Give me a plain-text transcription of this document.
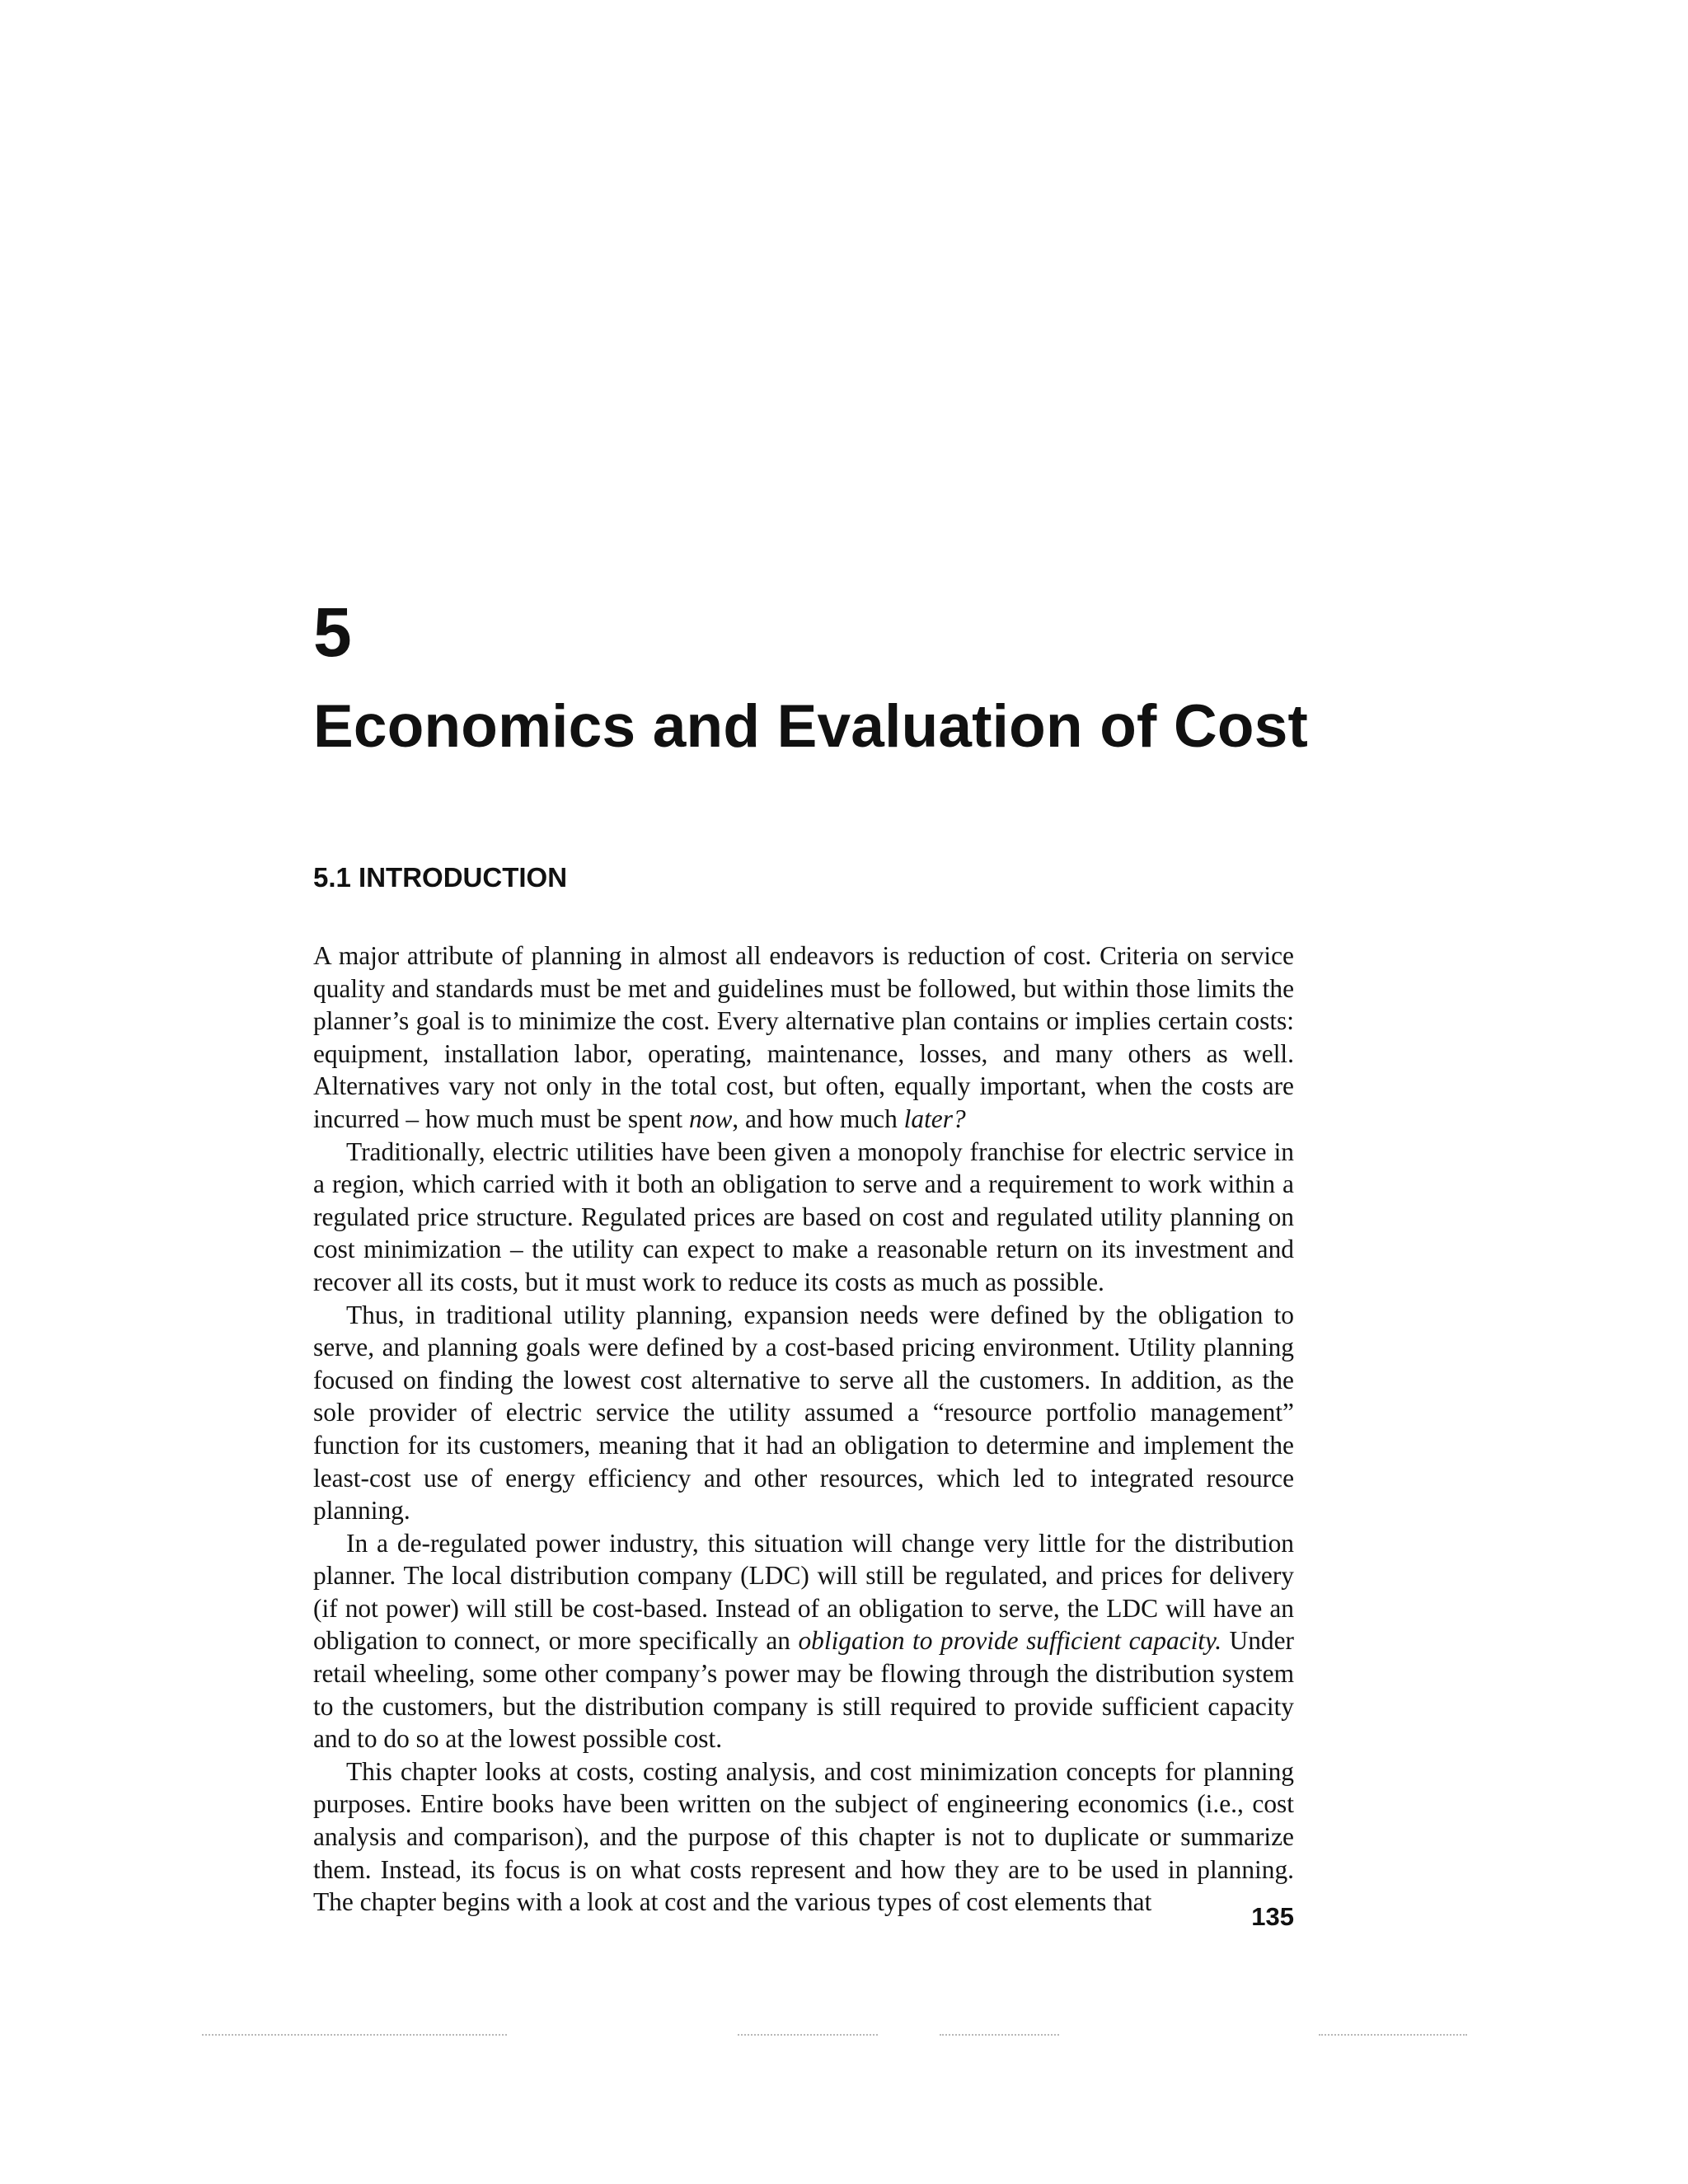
5
Economics and Evaluation of Cost
5.1 INTRODUCTION

A major attribute of planning in almost all endeavors is reduction of cost. Criteria on service quality and standards must be met and guidelines must be followed, but within those limits the planner’s goal is to minimize the cost. Every alternative plan contains or implies certain costs: equipment, installation labor, operating, maintenance, losses, and many others as well. Alternatives vary not only in the total cost, but often, equally important, when the costs are incurred – how much must be spent now, and how much later?

Traditionally, electric utilities have been given a monopoly franchise for electric service in a region, which carried with it both an obligation to serve and a requirement to work within a regulated price structure. Regulated prices are based on cost and regulated utility planning on cost minimization – the utility can expect to make a reasonable return on its investment and recover all its costs, but it must work to reduce its costs as much as possible.

Thus, in traditional utility planning, expansion needs were defined by the obligation to serve, and planning goals were defined by a cost-based pricing environment. Utility planning focused on finding the lowest cost alternative to serve all the customers. In addition, as the sole provider of electric service the utility assumed a “resource portfolio management” function for its customers, meaning that it had an obligation to determine and implement the least-cost use of energy efficiency and other resources, which led to integrated resource planning.

In a de-regulated power industry, this situation will change very little for the distribution planner. The local distribution company (LDC) will still be regulated, and prices for delivery (if not power) will still be cost-based. Instead of an obligation to serve, the LDC will have an obligation to connect, or more specifically an obligation to provide sufficient capacity. Under retail wheeling, some other company’s power may be flowing through the distribution system to the customers, but the distribution company is still required to provide sufficient capacity and to do so at the lowest possible cost.

This chapter looks at costs, costing analysis, and cost minimization concepts for planning purposes. Entire books have been written on the subject of engineering economics (i.e., cost analysis and comparison), and the purpose of this chapter is not to duplicate or summarize them. Instead, its focus is on what costs represent and how they are to be used in planning. The chapter begins with a look at cost and the various types of cost elements that

135
